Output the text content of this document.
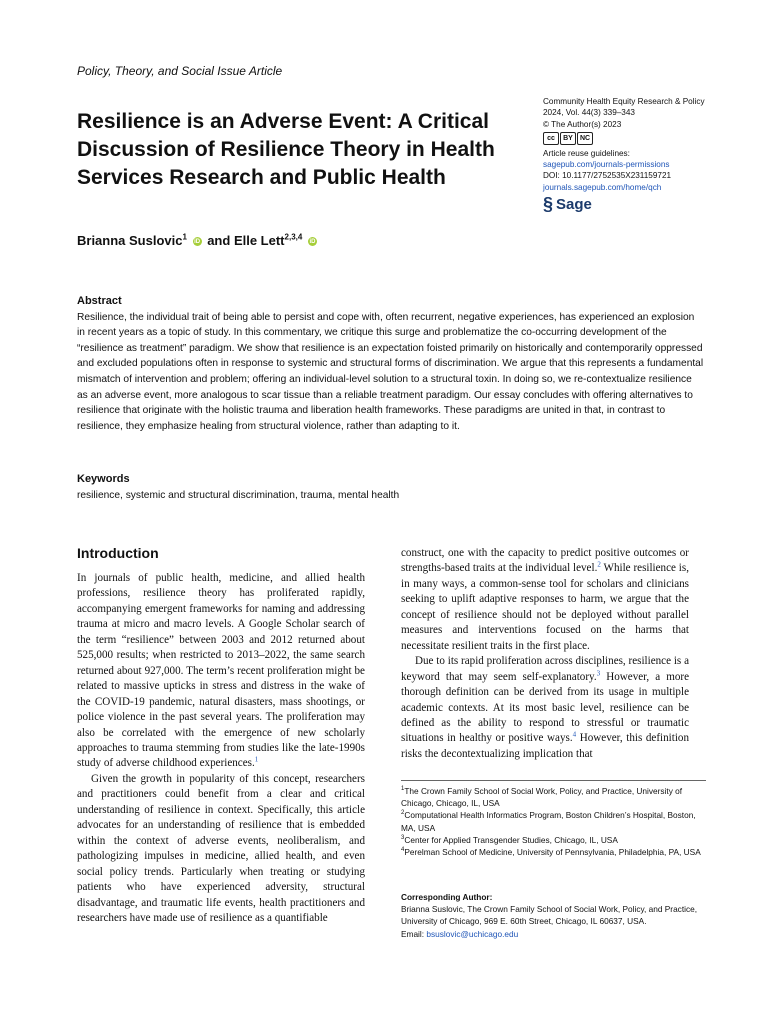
Policy, Theory, and Social Issue Article
Resilience is an Adverse Event: A Critical Discussion of Resilience Theory in Health Services Research and Public Health
Community Health Equity Research & Policy
2024, Vol. 44(3) 339–343
© The Author(s) 2023
cc	BY	NC
Article reuse guidelines:
sagepub.com/journals-permissions
DOI: 10.1177/2752535X231159721
journals.sagepub.com/home/qch
§ Sage
Brianna Suslovic$^1$ iD and Elle Lett$^{2,3,4}$ iD
Abstract
Resilience, the individual trait of being able to persist and cope with, often recurrent, negative experiences, has experienced an explosion in recent years as a topic of study. In this commentary, we critique this surge and problematize the co-occurring development of the “resilience as treatment” paradigm. We show that resilience is an expectation foisted primarily on historically and contemporarily oppressed and excluded populations often in response to systemic and structural forms of discrimination. We argue that this represents a fundamental mismatch of intervention and problem; offering an individual-level solution to a structural toxin. In doing so, we re-contextualize resilience as an adverse event, more analogous to scar tissue than a reliable treatment paradigm. Our essay concludes with offering alternatives to resilience that originate with the holistic trauma and liberation health frameworks. These paradigms are united in that, in contrast to resilience, they emphasize healing from structural violence, rather than adapting to it.
Keywords
resilience, systemic and structural discrimination, trauma, mental health
Introduction

In journals of public health, medicine, and allied health professions, resilience theory has proliferated rapidly, accompanying emergent frameworks for naming and addressing trauma at micro and macro levels. A Google Scholar search of the term “resilience” between 2003 and 2012 returned about 525,000 results; when restricted to 2013–2022, the same search returned about 927,000. The term’s recent proliferation might be related to massive upticks in stress and distress in the wake of the COVID-19 pandemic, natural disasters, mass shootings, or police violence in the past several years. The proliferation may also be correlated with the emergence of new scholarly approaches to trauma stemming from studies like the late-1990s study of adverse childhood experiences.$^1$

Given the growth in popularity of this concept, researchers and practitioners could benefit from a clear and critical understanding of resilience in context. Specifically, this article advocates for an understanding of resilience that is embedded within the context of adverse events, neoliberalism, and pathologizing impulses in medicine, allied health, and even social policy trends. Particularly when treating or studying patients who have experienced adversity, structural disadvantage, and traumatic life events, health practitioners and researchers have made use of resilience as a quantifiable

construct, one with the capacity to predict positive outcomes or strengths-based traits at the individual level.$^2$ While resilience is, in many ways, a common-sense tool for scholars and clinicians seeking to uplift adaptive responses to harm, we argue that the concept of resilience should not be deployed without parallel measures and interventions focused on the harms that necessitate resilient traits in the first place.

Due to its rapid proliferation across disciplines, resilience is a keyword that may seem self-explanatory.$^3$ However, a more thorough definition can be derived from its usage in multiple academic contexts. At its most basic level, resilience can be defined as the ability to respond to stressful or traumatic situations in healthy or positive ways.$^4$ However, this definition risks the decontextualizing implication that

$^1$The Crown Family School of Social Work, Policy, and Practice, University of Chicago, Chicago, IL, USA
$^2$Computational Health Informatics Program, Boston Children’s Hospital, Boston, MA, USA
$^3$Center for Applied Transgender Studies, Chicago, IL, USA
$^4$Perelman School of Medicine, University of Pennsylvania, Philadelphia, PA, USA
Corresponding Author:
Brianna Suslovic, The Crown Family School of Social Work, Policy, and Practice, University of Chicago, 969 E. 60th Street, Chicago, IL 60637, USA.
Email: bsuslovic@uchicago.edu
